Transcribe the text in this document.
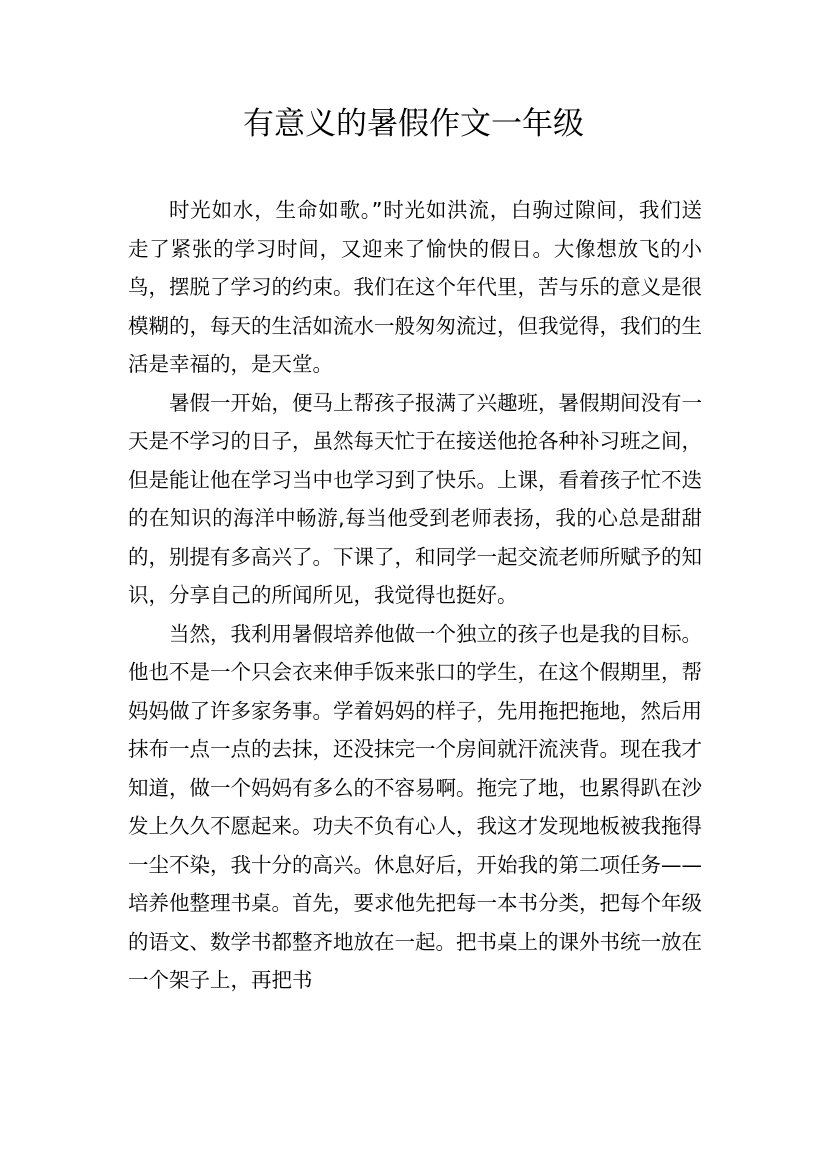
有意义的暑假作文一年级

时光如水，生命如歌。”时光如洪流，白驹过隙间，我们送走了紧张的学习时间，又迎来了愉快的假日。大像想放飞的小鸟，摆脱了学习的约束。我们在这个年代里，苦与乐的意义是很模糊的，每天的生活如流水一般匆匆流过，但我觉得，我们的生活是幸福的，是天堂。

暑假一开始，便马上帮孩子报满了兴趣班，暑假期间没有一天是不学习的日子，虽然每天忙于在接送他抢各种补习班之间，但是能让他在学习当中也学习到了快乐。上课，看着孩子忙不迭的在知识的海洋中畅游,每当他受到老师表扬，我的心总是甜甜的，别提有多高兴了。下课了，和同学一起交流老师所赋予的知识，分享自己的所闻所见，我觉得也挺好。

当然，我利用暑假培养他做一个独立的孩子也是我的目标。他也不是一个只会衣来伸手饭来张口的学生，在这个假期里，帮妈妈做了许多家务事。学着妈妈的样子，先用拖把拖地，然后用抹布一点一点的去抹，还没抹完一个房间就汗流浃背。现在我才知道，做一个妈妈有多么的不容易啊。拖完了地，也累得趴在沙发上久久不愿起来。功夫不负有心人，我这才发现地板被我拖得一尘不染，我十分的高兴。休息好后，开始我的第二项任务——培养他整理书桌。首先，要求他先把每一本书分类，把每个年级的语文、数学书都整齐地放在一起。把书桌上的课外书统一放在一个架子上，再把书
